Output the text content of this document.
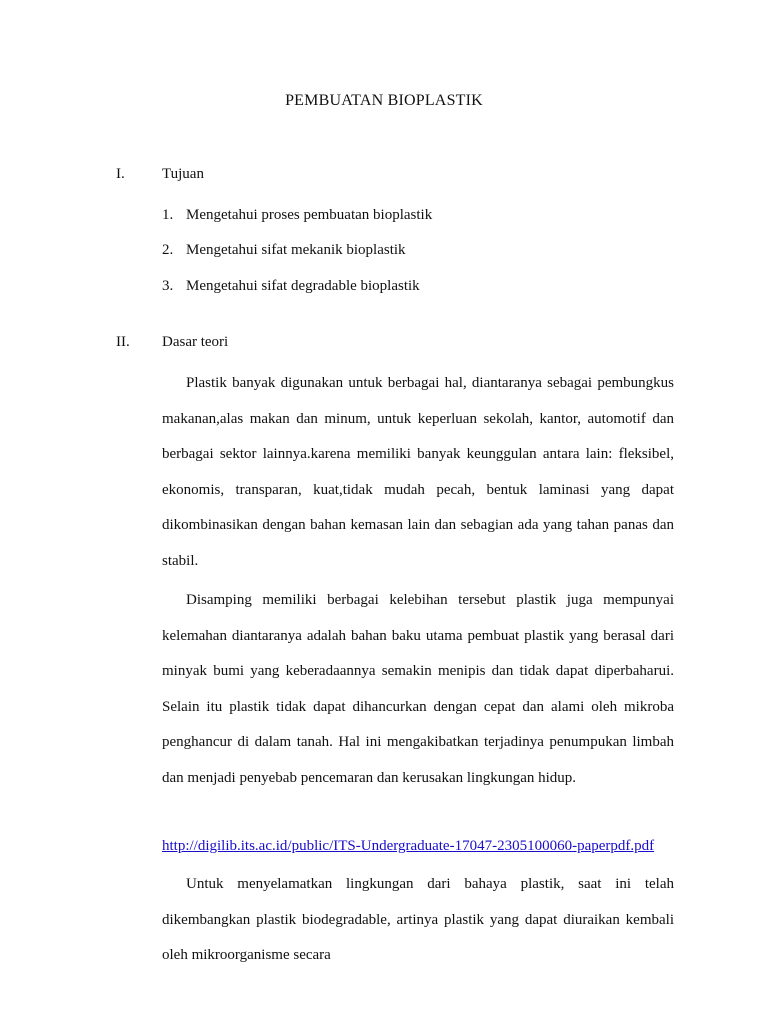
PEMBUATAN BIOPLASTIK
I. Tujuan
1. Mengetahui proses pembuatan bioplastik
2. Mengetahui sifat mekanik bioplastik
3. Mengetahui sifat degradable bioplastik
II. Dasar teori

Plastik banyak digunakan untuk berbagai hal, diantaranya sebagai pembungkus makanan,alas makan dan minum, untuk keperluan sekolah, kantor, automotif dan berbagai sektor lainnya.karena memiliki banyak keunggulan antara lain: fleksibel, ekonomis, transparan, kuat,tidak mudah pecah, bentuk laminasi yang dapat dikombinasikan dengan bahan kemasan lain dan sebagian ada yang tahan panas dan stabil.

Disamping memiliki berbagai kelebihan tersebut plastik juga mempunyai kelemahan diantaranya adalah bahan baku utama pembuat plastik yang berasal dari minyak bumi yang keberadaannya semakin menipis dan tidak dapat diperbaharui. Selain itu plastik tidak dapat dihancurkan dengan cepat dan alami oleh mikroba penghancur di dalam tanah. Hal ini mengakibatkan terjadinya penumpukan limbah dan menjadi penyebab pencemaran dan kerusakan lingkungan hidup.

http://digilib.its.ac.id/public/ITS-Undergraduate-17047-2305100060-paperpdf.pdf

Untuk menyelamatkan lingkungan dari bahaya plastik, saat ini telah dikembangkan plastik biodegradable, artinya plastik yang dapat diuraikan kembali oleh mikroorganisme secara
